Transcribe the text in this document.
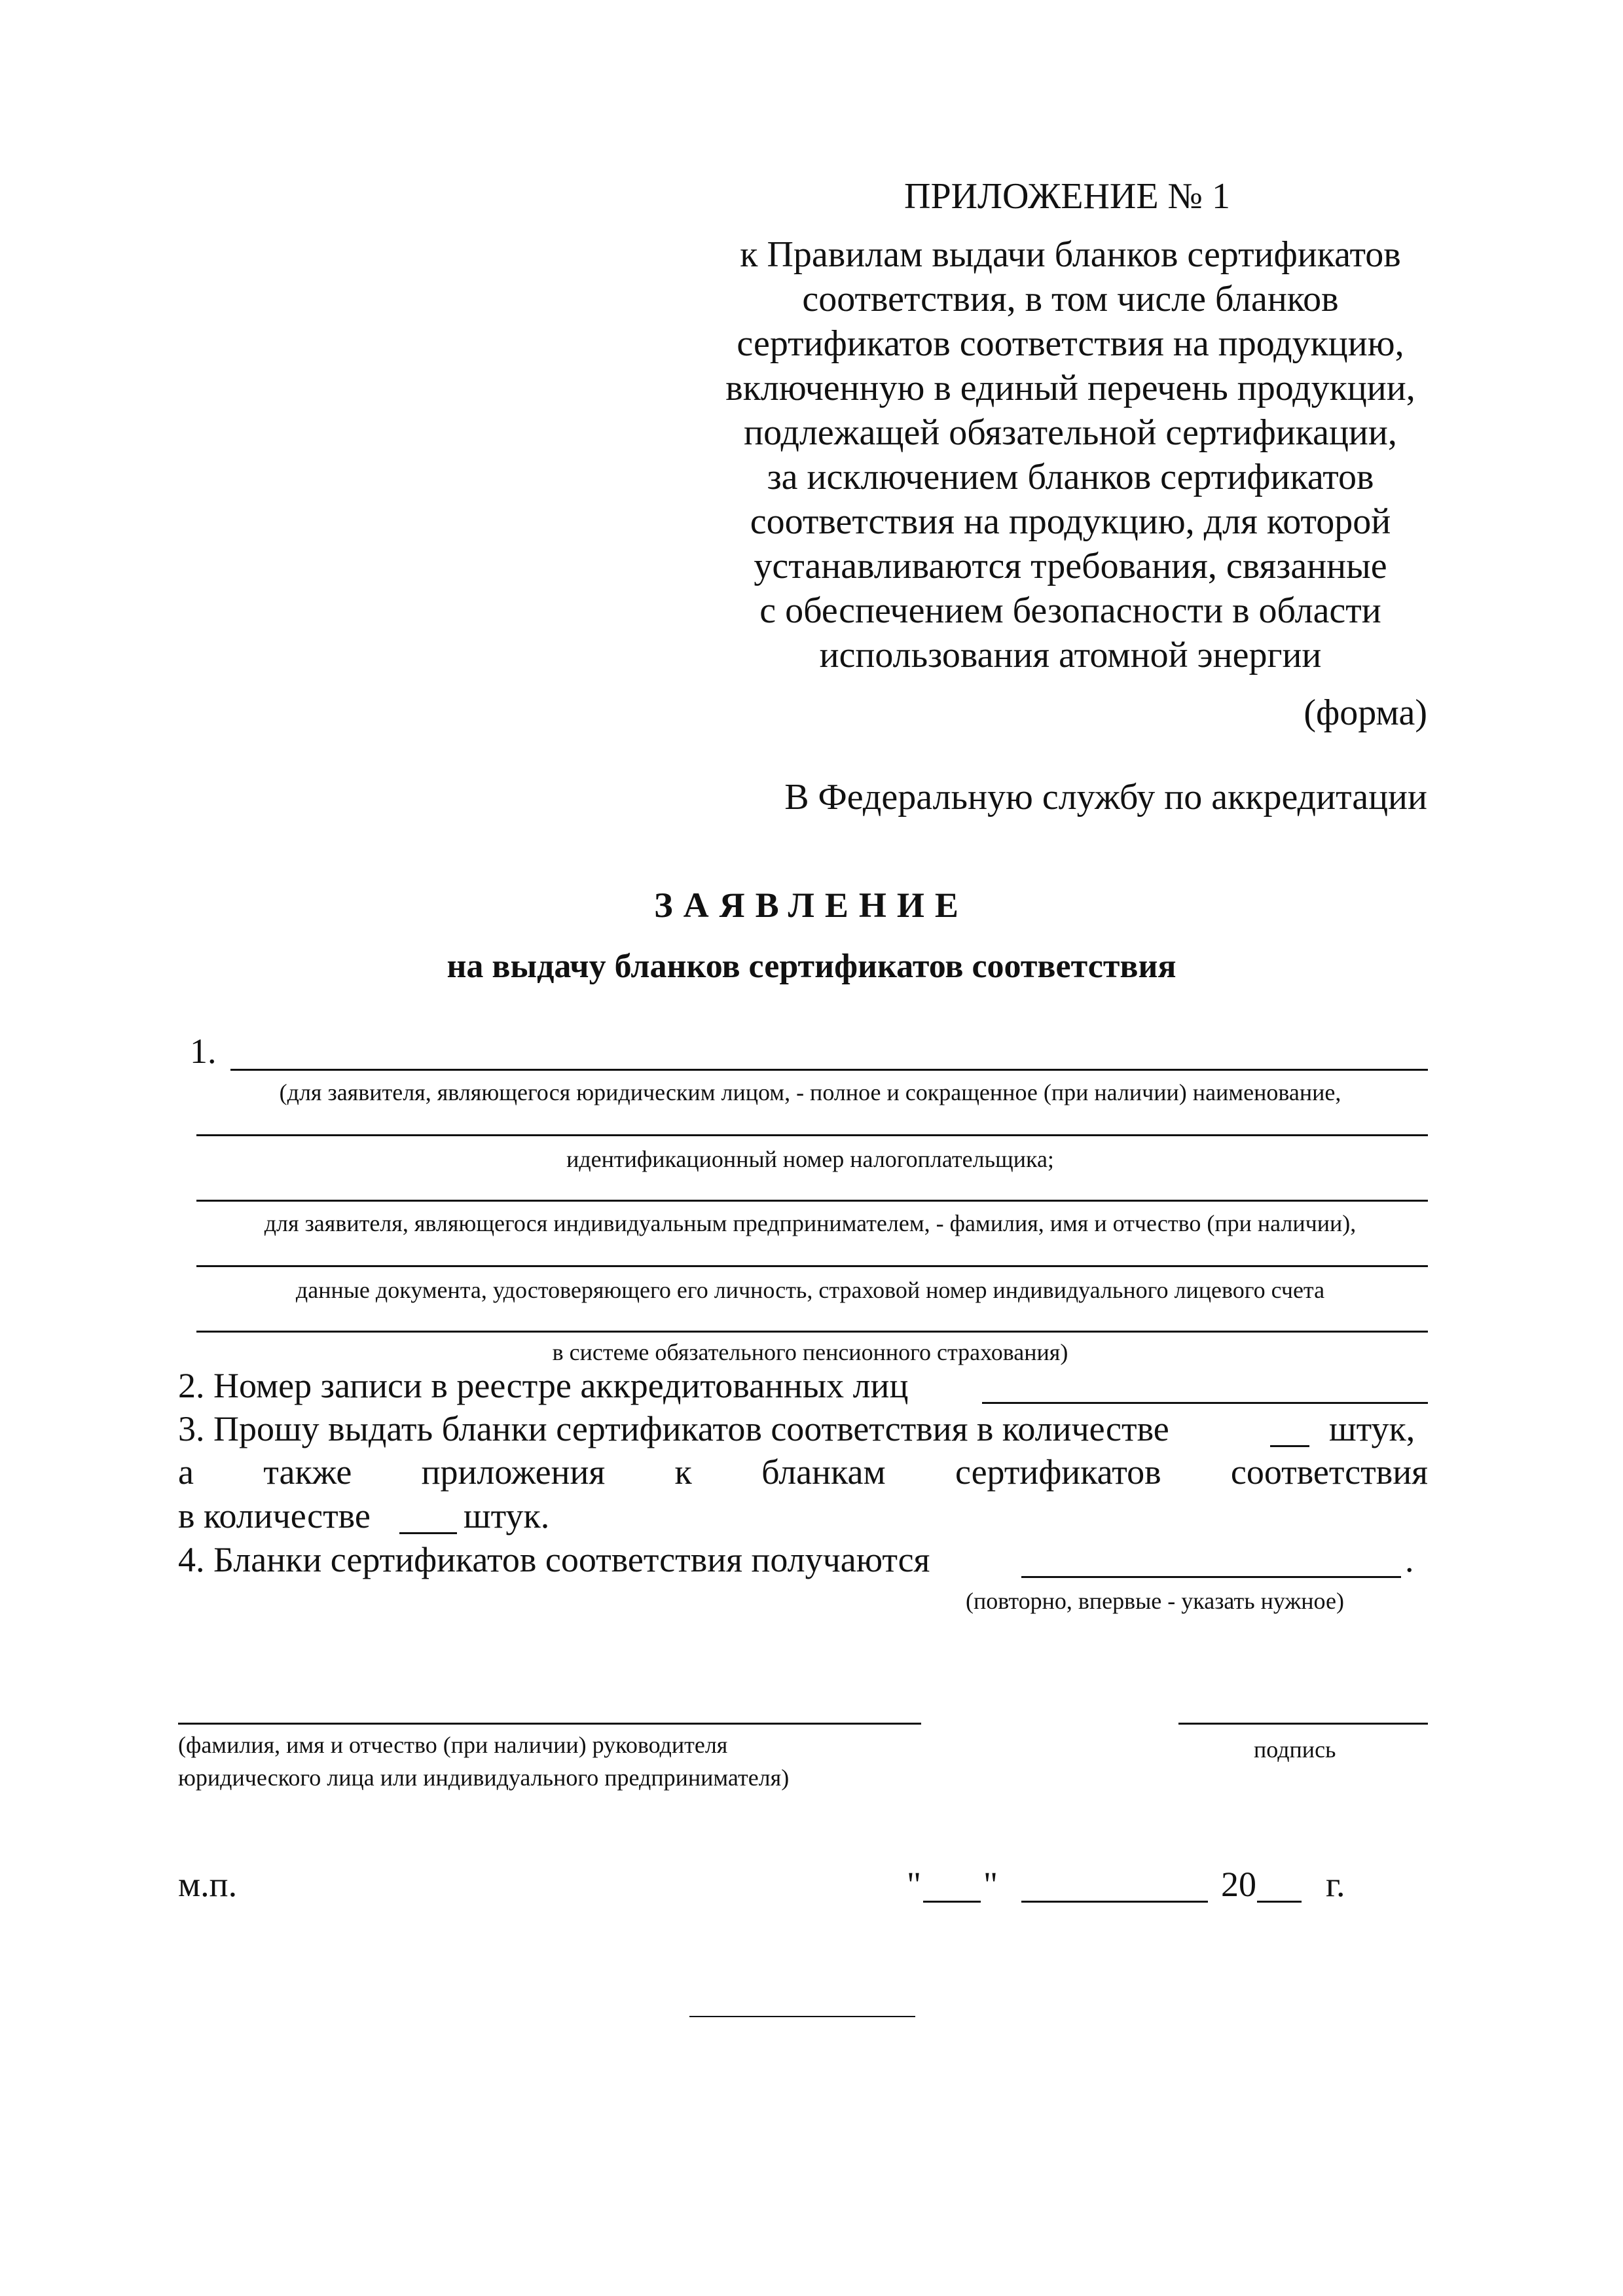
ПРИЛОЖЕНИЕ № 1
к Правилам выдачи бланков сертификатов
соответствия, в том числе бланков
сертификатов соответствия на продукцию,
включенную в единый перечень продукции,
подлежащей обязательной сертификации,
за исключением бланков сертификатов
соответствия на продукцию, для которой
устанавливаются требования, связанные
с обеспечением безопасности в области
использования атомной энергии
(форма)
В Федеральную службу по аккредитации
ЗАЯВЛЕНИЕ
на выдачу бланков сертификатов соответствия
1.
(для заявителя, являющегося юридическим лицом, - полное и сокращенное (при наличии) наименование,
идентификационный номер налогоплательщика;
для заявителя, являющегося индивидуальным предпринимателем, - фамилия, имя и отчество (при наличии),
данные документа, удостоверяющего его личность, страховой номер индивидуального лицевого счета
в системе обязательного пенсионного страхования)
2. Номер записи в реестре аккредитованных лиц
3. Прошу выдать бланки сертификатов соответствия в количестве	штук,
а также приложения к бланкам сертификатов соответствия
в количестве	штук.
4. Бланки сертификатов соответствия получаются	.
(повторно, впервые - указать нужное)
(фамилия, имя и отчество (при наличии) руководителя
юридического лица или индивидуального предпринимателя)
подпись
м.п.	" "	20 г.
